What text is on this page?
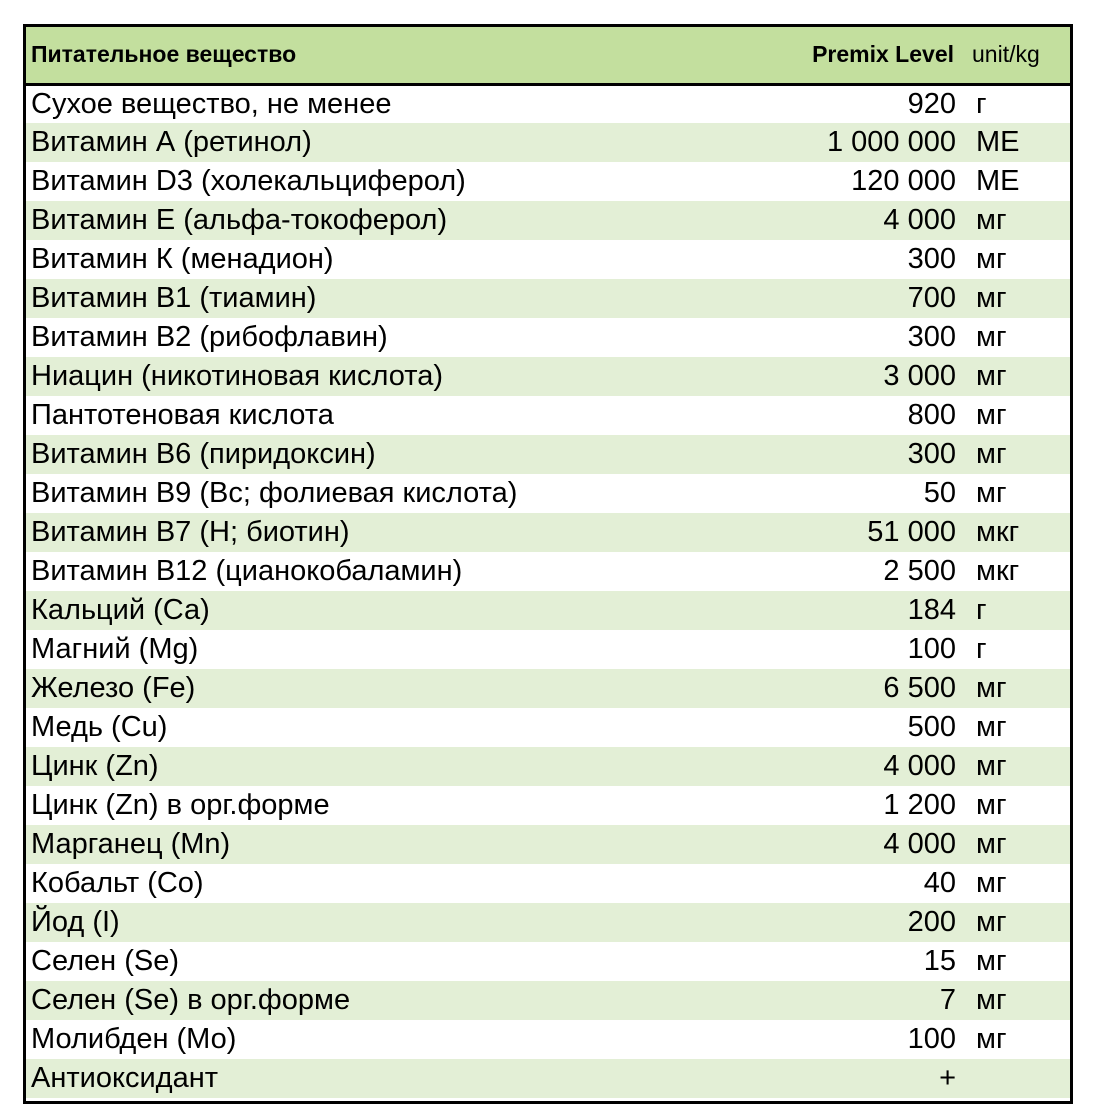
Питательное вещество	Premix Level	unit/kg
Сухое вещество, не менее	920	г
Витамин А (ретинол)	1 000 000	МЕ
Витамин D3 (холекальциферол)	120 000	МЕ
Витамин Е (альфа-токоферол)	4 000	мг
Витамин К (менадион)	300	мг
Витамин В1 (тиамин)	700	мг
Витамин В2 (рибофлавин)	300	мг
Ниацин (никотиновая кислота)	3 000	мг
Пантотеновая кислота	800	мг
Витамин В6 (пиридоксин)	300	мг
Витамин В9 (Вс; фолиевая кислота)	50	мг
Витамин В7 (Н; биотин)	51 000	мкг
Витамин В12 (цианокобаламин)	2 500	мкг
Кальций (Са)	184	г
Магний (Mg)	100	г
Железо (Fe)	6 500	мг
Медь (Cu)	500	мг
Цинк (Zn)	4 000	мг
Цинк (Zn) в орг.форме	1 200	мг
Марганец (Mn)	4 000	мг
Кобальт (Со)	40	мг
Йод (I)	200	мг
Селен (Se)	15	мг
Селен (Se) в орг.форме	7	мг
Молибден (Мо)	100	мг
Антиоксидант	+	
